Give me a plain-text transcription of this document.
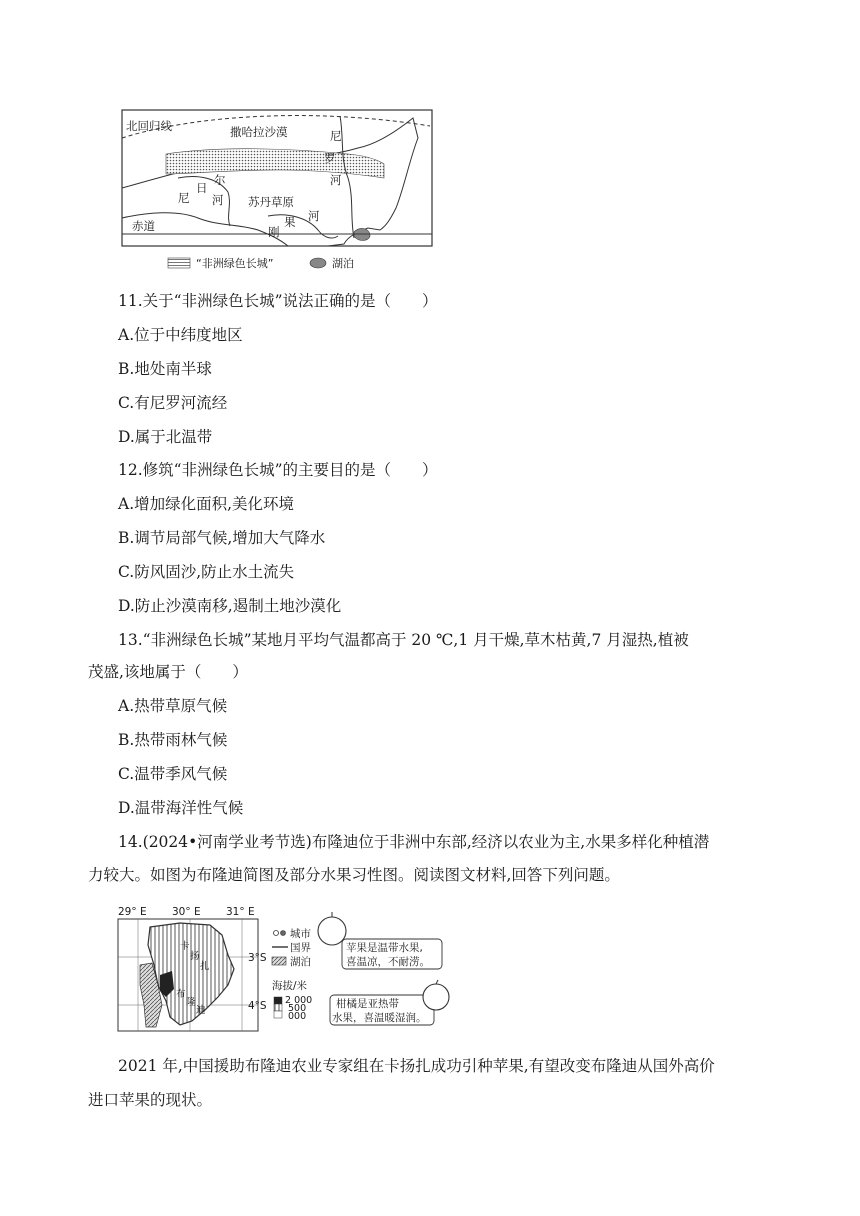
北回归线	撒哈拉沙漠	尼
罗
河
尼
日
尔
河 苏丹草原
刚
果 河
赤道
“非洲绿色长城”	湖泊
11.关于“非洲绿色长城”说法正确的是（　　）
A.位于中纬度地区
B.地处南半球
C.有尼罗河流经
D.属于北温带
12.修筑“非洲绿色长城”的主要目的是（　　）
A.增加绿化面积,美化环境
B.调节局部气候,增加大气降水
C.防风固沙,防止水土流失
D.防止沙漠南移,遏制土地沙漠化
13.“非洲绿色长城”某地月平均气温都高于 20 ℃,1 月干燥,草木枯黄,7 月湿热,植被
茂盛,该地属于（　　）
A.热带草原气候
B.热带雨林气候
C.温带季风气候
D.温带海洋性气候
14.(2024•河南学业考节选)布隆迪位于非洲中东部,经济以农业为主,水果多样化种植潜
力较大。如图为布隆迪简图及部分水果习性图。阅读图文材料,回答下列问题。
29° E 30° E 31° E
卡
扬
扎
布
隆
迪
3°S
4°S
城市
国界
湖泊
海拔/米
2 000
500
000
苹果是温带水果,
喜温凉，不耐涝。
柑橘是亚热带
水果，喜温暖湿润。
2021 年,中国援助布隆迪农业专家组在卡扬扎成功引种苹果,有望改变布隆迪从国外高价
进口苹果的现状。
